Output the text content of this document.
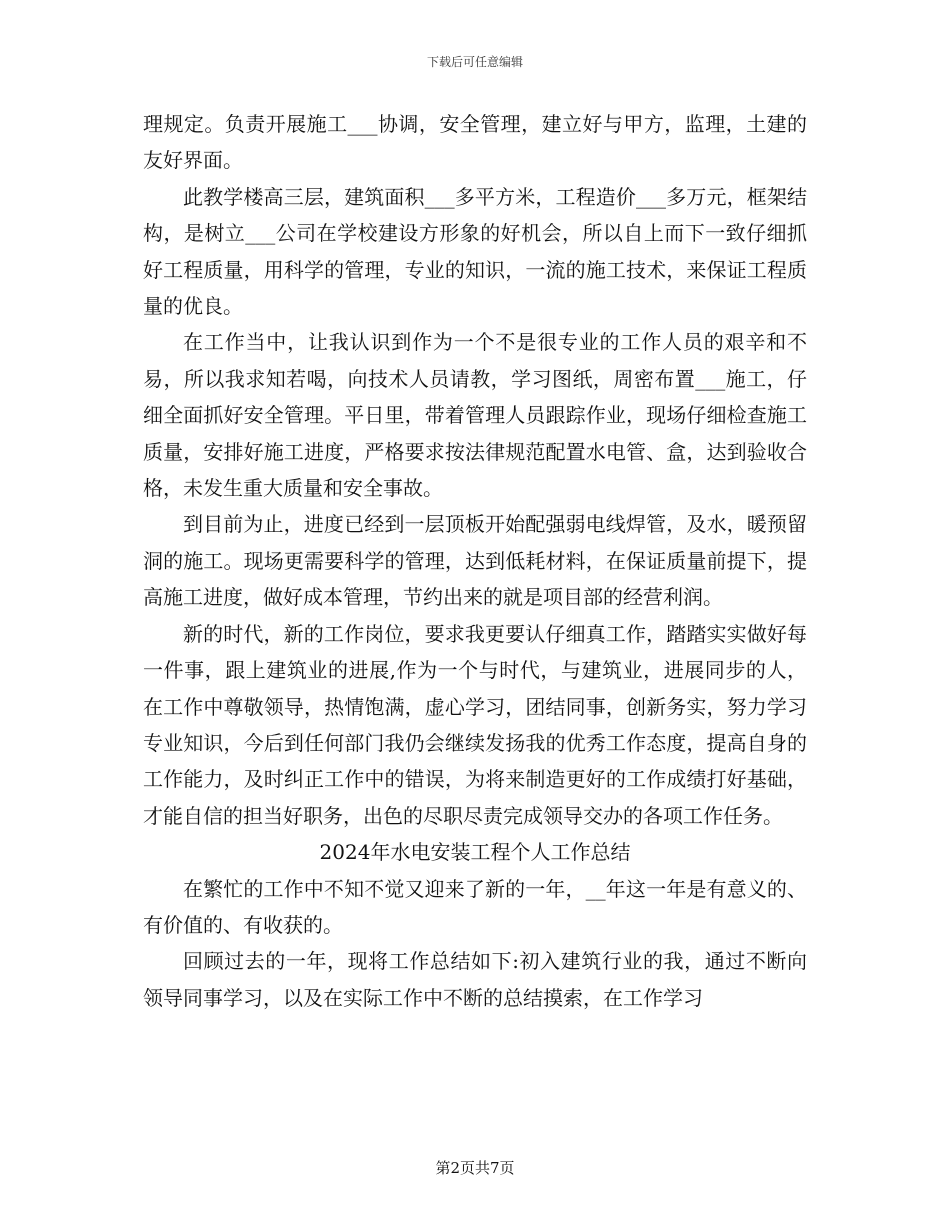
下载后可任意编辑

理规定。负责开展施工___协调，安全管理，建立好与甲方，监理，土建的友好界面。

此教学楼高三层，建筑面积___多平方米，工程造价___多万元，框架结构，是树立___公司在学校建设方形象的好机会，所以自上而下一致仔细抓好工程质量，用科学的管理，专业的知识，一流的施工技术，来保证工程质量的优良。

在工作当中，让我认识到作为一个不是很专业的工作人员的艰辛和不易，所以我求知若喝，向技术人员请教，学习图纸，周密布置___施工，仔细全面抓好安全管理。平日里，带着管理人员跟踪作业，现场仔细检查施工质量，安排好施工进度，严格要求按法律规范配置水电管、盒，达到验收合格，未发生重大质量和安全事故。

到目前为止，进度已经到一层顶板开始配强弱电线焊管，及水，暖预留洞的施工。现场更需要科学的管理，达到低耗材料，在保证质量前提下，提高施工进度，做好成本管理，节约出来的就是项目部的经营利润。

新的时代，新的工作岗位，要求我更要认仔细真工作，踏踏实实做好每一件事，跟上建筑业的进展,作为一个与时代，与建筑业，进展同步的人，在工作中尊敬领导，热情饱满，虚心学习，团结同事，创新务实，努力学习专业知识，今后到任何部门我仍会继续发扬我的优秀工作态度，提高自身的工作能力，及时纠正工作中的错误，为将来制造更好的工作成绩打好基础，才能自信的担当好职务，出色的尽职尽责完成领导交办的各项工作任务。

2024年水电安装工程个人工作总结

在繁忙的工作中不知不觉又迎来了新的一年，__年这一年是有意义的、有价值的、有收获的。

回顾过去的一年，现将工作总结如下:初入建筑行业的我，通过不断向领导同事学习，以及在实际工作中不断的总结摸索，在工作学习

第2页共7页
